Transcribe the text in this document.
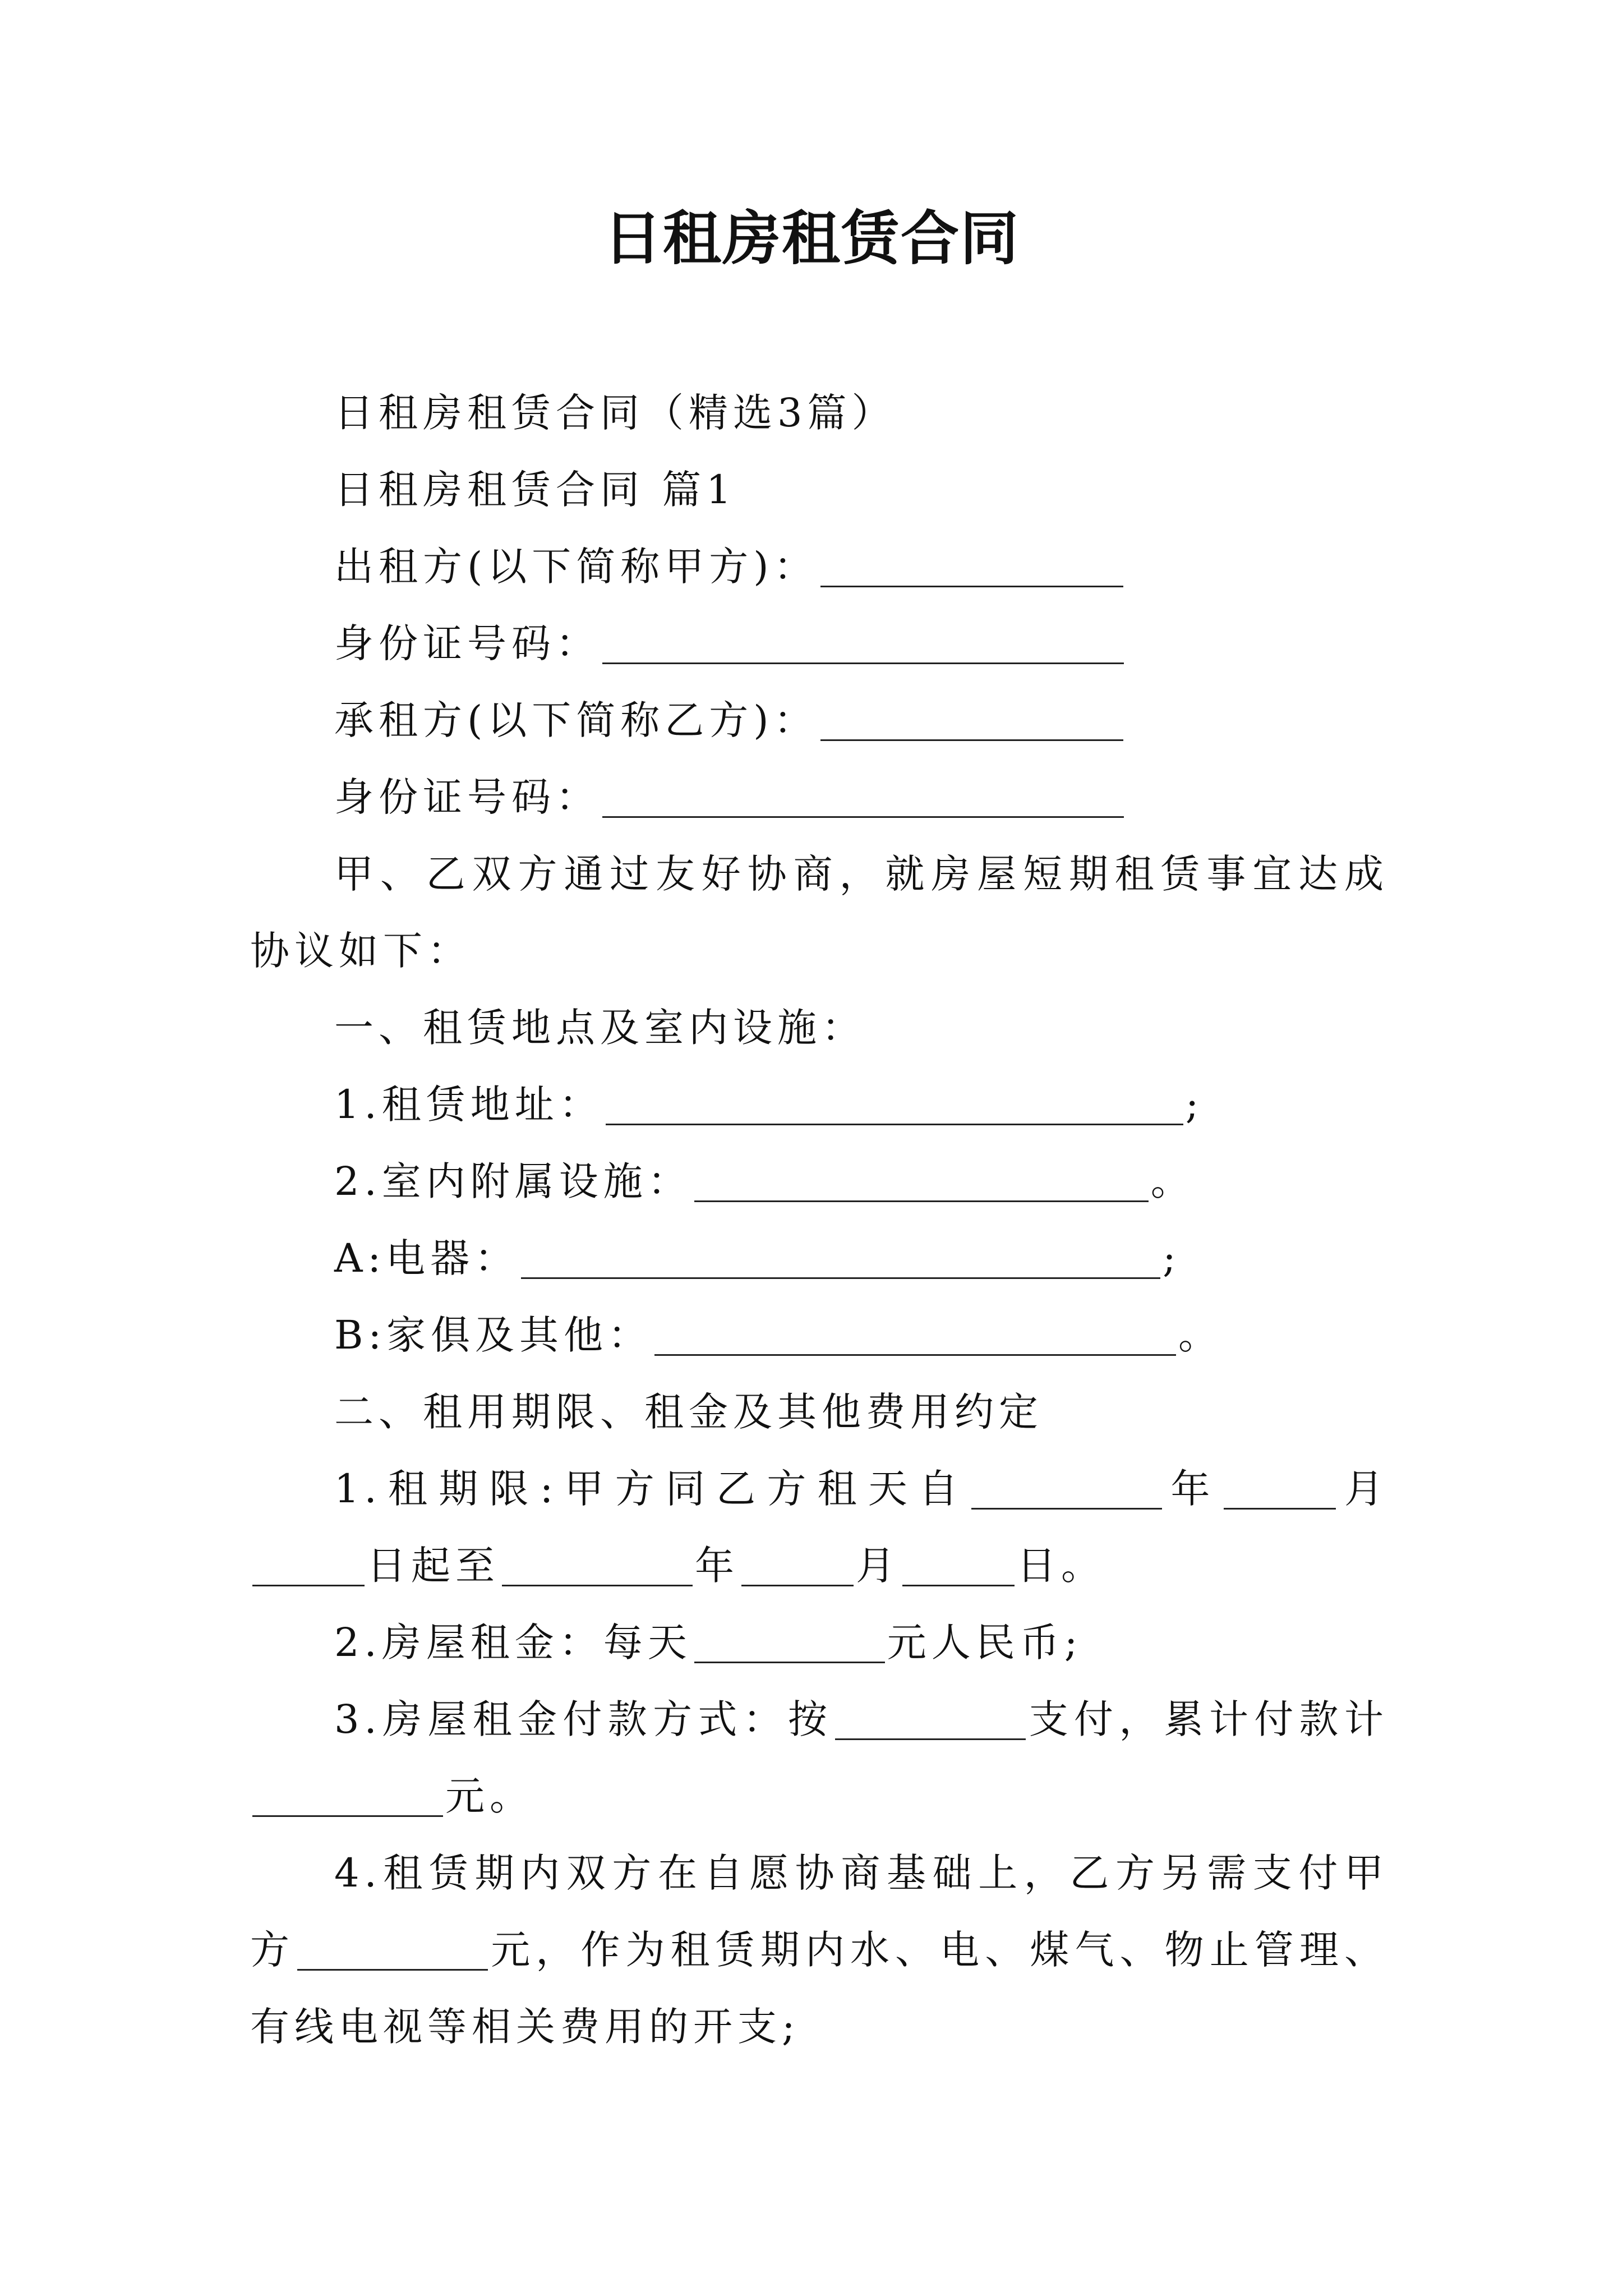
日租房租赁合同

日租房租赁合同（精选3篇）

日租房租赁合同 篇1

出租方(以下简称甲方)：

身份证号码：

承租方(以下简称乙方)：

身份证号码：

甲、乙双方通过友好协商，就房屋短期租赁事宜达成协议如下：

一、租赁地点及室内设施：

1.租赁地址：	;

2.室内附属设施：	。

A:电器：	;

B:家俱及其他：	。

二、租用期限、租金及其他费用约定

1.租期限:甲方同乙方租天自	年	月日起至	年	月	日。

2.房屋租金：每天	元人民币;

3.房屋租金付款方式：按	支付，累计付款计元。

4.租赁期内双方在自愿协商基础上，乙方另需支付甲方	元，作为租赁期内水、电、煤气、物止管理、有线电视等相关费用的开支;
